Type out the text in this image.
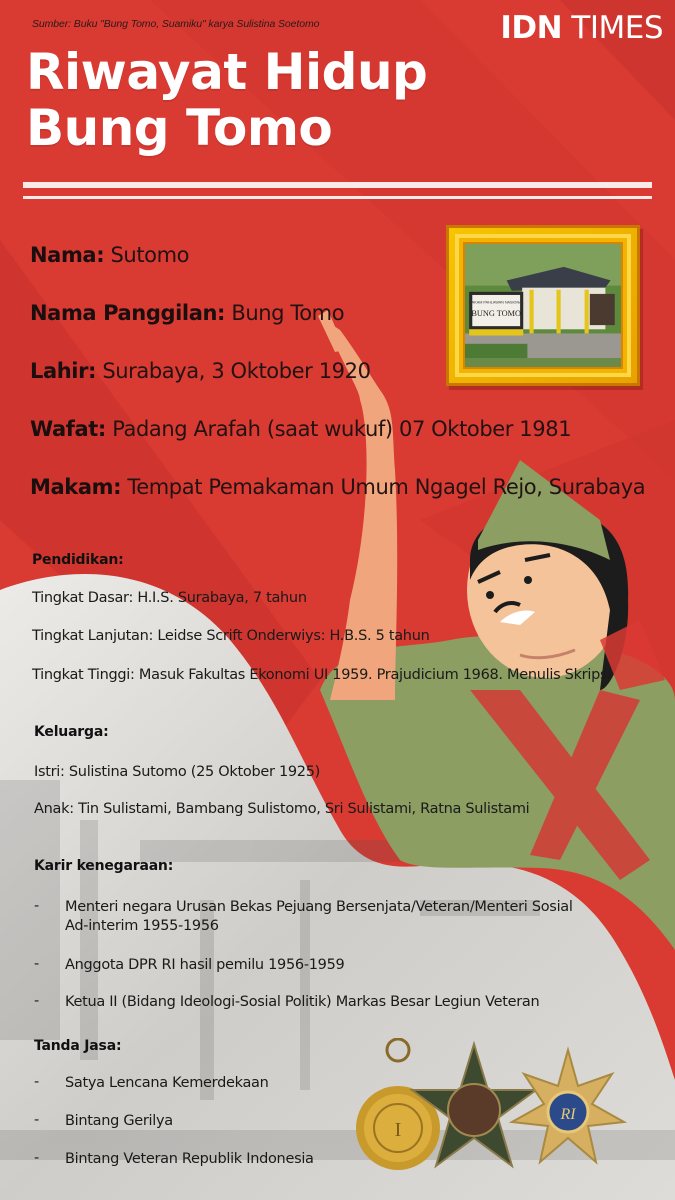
Sumber: Buku "Bung Tomo, Suamiku" karya Sulistina Soetomo	IDN TIMES
Riwayat Hidup
Bung Tomo
MAKAM PAHLAWAN NASIONAL
BUNG TOMO
Nama: Sutomo
Nama Panggilan: Bung Tomo
Lahir: Surabaya, 3 Oktober 1920
Wafat: Padang Arafah (saat wukuf) 07 Oktober 1981
Makam: Tempat Pemakaman Umum Ngagel Rejo, Surabaya
Pendidikan:
Tingkat Dasar: H.I.S. Surabaya, 7 tahun
Tingkat Lanjutan: Leidse Scrift Onderwiys: H.B.S. 5 tahun
Tingkat Tinggi: Masuk Fakultas Ekonomi UI 1959. Prajudicium 1968. Menulis Skripsi
Keluarga:
Istri: Sulistina Sutomo (25 Oktober 1925)
Anak: Tin Sulistami, Bambang Sulistomo, Sri Sulistami, Ratna Sulistami
Karir kenegaraan:
-	Menteri negara Urusan Bekas Pejuang Bersenjata/Veteran/Menteri Sosial
Ad-interim 1955-1956
-	Anggota DPR RI hasil pemilu 1956-1959
-	Ketua II (Bidang Ideologi-Sosial Politik) Markas Besar Legiun Veteran
Tanda Jasa:
-	Satya Lencana Kemerdekaan
-	Bintang Gerilya
-	Bintang Veteran Republik Indonesia
I
RI
